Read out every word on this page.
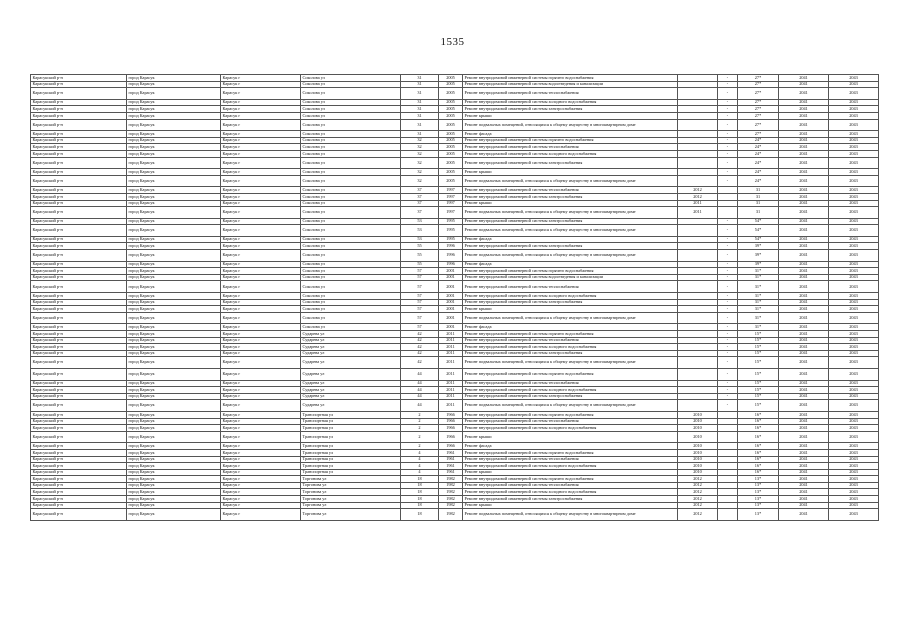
1535
Карасукский р-н	город Карасук	Карасук г	Соколова ул	31	2005	Ремонт внутридомовой инженерной системы горячего водоснабжения		-	27*	2041	2043
Карасукский р-н	город Карасук	Карасук г	Соколова ул	31	2005	Ремонт внутридомовой инженерной системы водоотведения и канализации		-	27*	2041	2043
Карасукский р-н	город Карасук	Карасук г	Соколова ул	31	2005	Ремонт внутридомовой инженерной системы теплоснабжения		-	27*	2041	2043
Карасукский р-н	город Карасук	Карасук г	Соколова ул	31	2005	Ремонт внутридомовой инженерной системы холодного водоснабжения		-	27*	2041	2043
Карасукский р-н	город Карасук	Карасук г	Соколова ул	31	2005	Ремонт внутридомовой инженерной системы электроснабжения		-	27*	2041	2043
Карасукский р-н	город Карасук	Карасук г	Соколова ул	31	2005	Ремонт крыши		-	27*	2041	2043
Карасукский р-н	город Карасук	Карасук г	Соколова ул	31	2005	Ремонт подвальных помещений, относящихся к общему имуществу в многоквартирном доме		-	27*	2041	2043
Карасукский р-н	город Карасук	Карасук г	Соколова ул	31	2005	Ремонт фасада		-	27*	2041	2043
Карасукский р-н	город Карасук	Карасук г	Соколова ул	32	2005	Ремонт внутридомовой инженерной системы горячего водоснабжения		-	24*	2041	2043
Карасукский р-н	город Карасук	Карасук г	Соколова ул	32	2005	Ремонт внутридомовой инженерной системы теплоснабжения		-	24*	2041	2043
Карасукский р-н	город Карасук	Карасук г	Соколова ул	32	2005	Ремонт внутридомовой инженерной системы холодного водоснабжения		-	24*	2041	2043
Карасукский р-н	город Карасук	Карасук г	Соколова ул	32	2005	Ремонт внутридомовой инженерной системы электроснабжения		-	24*	2041	2043
Карасукский р-н	город Карасук	Карасук г	Соколова ул	32	2005	Ремонт крыши		-	24*	2041	2043
Карасукский р-н	город Карасук	Карасук г	Соколова ул	32	2005	Ремонт подвальных помещений, относящихся к общему имуществу в многоквартирном доме		-	24*	2041	2043
Карасукский р-н	город Карасук	Карасук г	Соколова ул	37	1997	Ремонт внутридомовой инженерной системы теплоснабжения	2012		31	2041	2043
Карасукский р-н	город Карасук	Карасук г	Соколова ул	37	1997	Ремонт внутридомовой инженерной системы электроснабжения	2012		31	2041	2043
Карасукский р-н	город Карасук	Карасук г	Соколова ул	37	1997	Ремонт крыши	2011		31	2041	2043
Карасукский р-н	город Карасук	Карасук г	Соколова ул	37	1997	Ремонт подвальных помещений, относящихся к общему имуществу в многоквартирном доме	2011		31	2041	2043
Карасукский р-н	город Карасук	Карасук г	Соколова ул	53	1995	Ремонт внутридомовой инженерной системы электроснабжения		-	54*	2041	2043
Карасукский р-н	город Карасук	Карасук г	Соколова ул	53	1995	Ремонт подвальных помещений, относящихся к общему имуществу в многоквартирном доме		-	54*	2041	2043
Карасукский р-н	город Карасук	Карасук г	Соколова ул	53	1995	Ремонт фасада		-	54*	2041	2043
Карасукский р-н	город Карасук	Карасук г	Соколова ул	55	1996	Ремонт внутридомовой инженерной системы электроснабжения		-	39*	2041	2043
Карасукский р-н	город Карасук	Карасук г	Соколова ул	55	1996	Ремонт подвальных помещений, относящихся к общему имуществу в многоквартирном доме		-	39*	2041	2043
Карасукский р-н	город Карасук	Карасук г	Соколова ул	55	1996	Ремонт фасада		-	39*	2041	2043
Карасукский р-н	город Карасук	Карасук г	Соколова ул	57	2001	Ремонт внутридомовой инженерной системы горячего водоснабжения		-	31*	2041	2043
Карасукский р-н	город Карасук	Карасук г	Соколова ул	57	2001	Ремонт внутридомовой инженерной системы водоотведения и канализации		-	31*	2041	2043
Карасукский р-н	город Карасук	Карасук г	Соколова ул	57	2001	Ремонт внутридомовой инженерной системы теплоснабжения		-	31*	2041	2043
Карасукский р-н	город Карасук	Карасук г	Соколова ул	57	2001	Ремонт внутридомовой инженерной системы холодного водоснабжения		-	31*	2041	2043
Карасукский р-н	город Карасук	Карасук г	Соколова ул	57	2001	Ремонт внутридомовой инженерной системы электроснабжения		-	31*	2041	2043
Карасукский р-н	город Карасук	Карасук г	Соколова ул	57	2001	Ремонт крыши		-	31*	2041	2043
Карасукский р-н	город Карасук	Карасук г	Соколова ул	57	2001	Ремонт подвальных помещений, относящихся к общему имуществу в многоквартирном доме		-	31*	2041	2043
Карасукский р-н	город Карасук	Карасук г	Соколова ул	57	2001	Ремонт фасада		-	31*	2041	2043
Карасукский р-н	город Карасук	Карасук г	Сударева ул	42	2011	Ремонт внутридомовой инженерной системы горячего водоснабжения		-	15*	2041	2043
Карасукский р-н	город Карасук	Карасук г	Сударева ул	42	2011	Ремонт внутридомовой инженерной системы теплоснабжения		-	15*	2041	2043
Карасукский р-н	город Карасук	Карасук г	Сударева ул	42	2011	Ремонт внутридомовой инженерной системы холодного водоснабжения		-	15*	2041	2043
Карасукский р-н	город Карасук	Карасук г	Сударева ул	42	2011	Ремонт внутридомовой инженерной системы электроснабжения		-	15*	2041	2043
Карасукский р-н	город Карасук	Карасук г	Сударева ул	42	2011	Ремонт подвальных помещений, относящихся к общему имуществу в многоквартирном доме		-	15*	2041	2043
Карасукский р-н	город Карасук	Карасук г	Сударева ул	44	2011	Ремонт внутридомовой инженерной системы горячего водоснабжения		-	15*	2041	2043
Карасукский р-н	город Карасук	Карасук г	Сударева ул	44	2011	Ремонт внутридомовой инженерной системы теплоснабжения		-	15*	2041	2043
Карасукский р-н	город Карасук	Карасук г	Сударева ул	44	2011	Ремонт внутридомовой инженерной системы холодного водоснабжения		-	15*	2041	2043
Карасукский р-н	город Карасук	Карасук г	Сударева ул	44	2011	Ремонт внутридомовой инженерной системы электроснабжения		-	15*	2041	2043
Карасукский р-н	город Карасук	Карасук г	Сударева ул	44	2011	Ремонт подвальных помещений, относящихся к общему имуществу в многоквартирном доме		-	15*	2041	2043
Карасукский р-н	город Карасук	Карасук г	Транспортная ул	2	1966	Ремонт внутридомовой инженерной системы горячего водоснабжения	2010		16*	2041	2043
Карасукский р-н	город Карасук	Карасук г	Транспортная ул	2	1966	Ремонт внутридомовой инженерной системы теплоснабжения	2010		16*	2041	2043
Карасукский р-н	город Карасук	Карасук г	Транспортная ул	2	1966	Ремонт внутридомовой инженерной системы холодного водоснабжения	2010		16*	2041	2043
Карасукский р-н	город Карасук	Карасук г	Транспортная ул	2	1966	Ремонт крыши	2010		16*	2041	2043
Карасукский р-н	город Карасук	Карасук г	Транспортная ул	2	1966	Ремонт фасада	2010		16*	2041	2043
Карасукский р-н	город Карасук	Карасук г	Транспортная ул	4	1961	Ремонт внутридомовой инженерной системы горячего водоснабжения	2010		16*	2041	2043
Карасукский р-н	город Карасук	Карасук г	Транспортная ул	4	1961	Ремонт внутридомовой инженерной системы теплоснабжения	2010		16*	2041	2043
Карасукский р-н	город Карасук	Карасук г	Транспортная ул	4	1961	Ремонт внутридомовой инженерной системы холодного водоснабжения	2010		16*	2041	2043
Карасукский р-н	город Карасук	Карасук г	Транспортная ул	4	1961	Ремонт крыши	2010		16*	2041	2043
Карасукский р-н	город Карасук	Карасук г	Торгонова ул	18	1982	Ремонт внутридомовой инженерной системы горячего водоснабжения	2012		13*	2041	2043
Карасукский р-н	город Карасук	Карасук г	Торгонова ул	18	1982	Ремонт внутридомовой инженерной системы теплоснабжения	2012		13*	2041	2043
Карасукский р-н	город Карасук	Карасук г	Торгонова ул	18	1982	Ремонт внутридомовой инженерной системы холодного водоснабжения	2012		13*	2041	2043
Карасукский р-н	город Карасук	Карасук г	Торгонова ул	18	1982	Ремонт внутридомовой инженерной системы электроснабжения	2012		13*	2041	2043
Карасукский р-н	город Карасук	Карасук г	Торгонова ул	18	1982	Ремонт крыши	2012		13*	2041	2043
Карасукский р-н	город Карасук	Карасук г	Торгонова ул	18	1982	Ремонт подвальных помещений, относящихся к общему имуществу в многоквартирном доме	2012		13*	2041	2043
